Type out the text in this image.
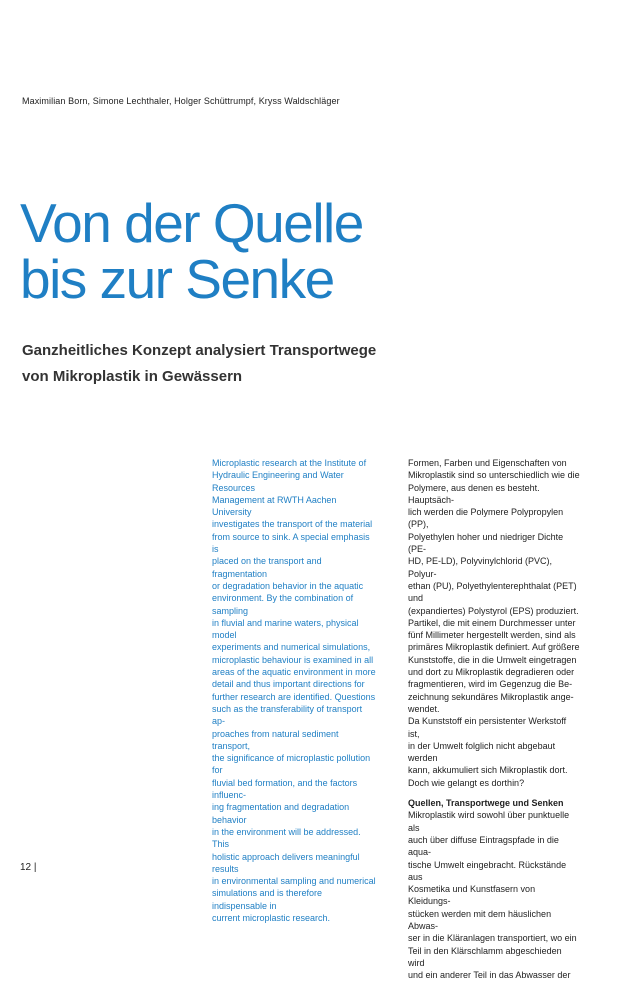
Maximilian Born, Simone Lechthaler, Holger Schüttrumpf, Kryss Waldschläger
Von der Quelle
bis zur Senke
Ganzheitliches Konzept analysiert Transportwege
von Mikroplastik in Gewässern

Microplastic research at the Institute of
Hydraulic Engineering and Water Resources
Management at RWTH Aachen University
investigates the transport of the material
from source to sink. A special emphasis is
placed on the transport and fragmentation
or degradation behavior in the aquatic
environment. By the combination of sampling
in fluvial and marine waters, physical model
experiments and numerical simulations,
microplastic behaviour is examined in all
areas of the aquatic environment in more
detail and thus important directions for
further research are identified. Questions
such as the transferability of transport ap-
proaches from natural sediment transport,
the significance of microplastic pollution for
fluvial bed formation, and the factors influenc-
ing fragmentation and degradation behavior
in the environment will be addressed. This
holistic approach delivers meaningful results
in environmental sampling and numerical
simulations and is therefore indispensable in
current microplastic research.

Formen, Farben und Eigenschaften von
Mikroplastik sind so unterschiedlich wie die
Polymere, aus denen es besteht. Hauptsäch-
lich werden die Polymere Polypropylen (PP),
Polyethylen hoher und niedriger Dichte (PE-
HD, PE-LD), Polyvinylchlorid (PVC), Polyur-
ethan (PU), Polyethylenterephthalat (PET) und
(expandiertes) Polystyrol (EPS) produziert.
Partikel, die mit einem Durchmesser unter
fünf Millimeter hergestellt werden, sind als
primäres Mikroplastik definiert. Auf größere
Kunststoffe, die in die Umwelt eingetragen
und dort zu Mikroplastik degradieren oder
fragmentieren, wird im Gegenzug die Be-
zeichnung sekundäres Mikroplastik ange-
wendet.

Da Kunststoff ein persistenter Werkstoff ist,
in der Umwelt folglich nicht abgebaut werden
kann, akkumuliert sich Mikroplastik dort.
Doch wie gelangt es dorthin?

Quellen, Transportwege und Senken

Mikroplastik wird sowohl über punktuelle als
auch über diffuse Eintragspfade in die aqua-
tische Umwelt eingebracht. Rückstände aus
Kosmetika und Kunstfasern von Kleidungs-
stücken werden mit dem häuslichen Abwas-
ser in die Kläranlagen transportiert, wo ein
Teil in den Klärschlamm abgeschieden wird
und ein anderer Teil in das Abwasser der

12 |
